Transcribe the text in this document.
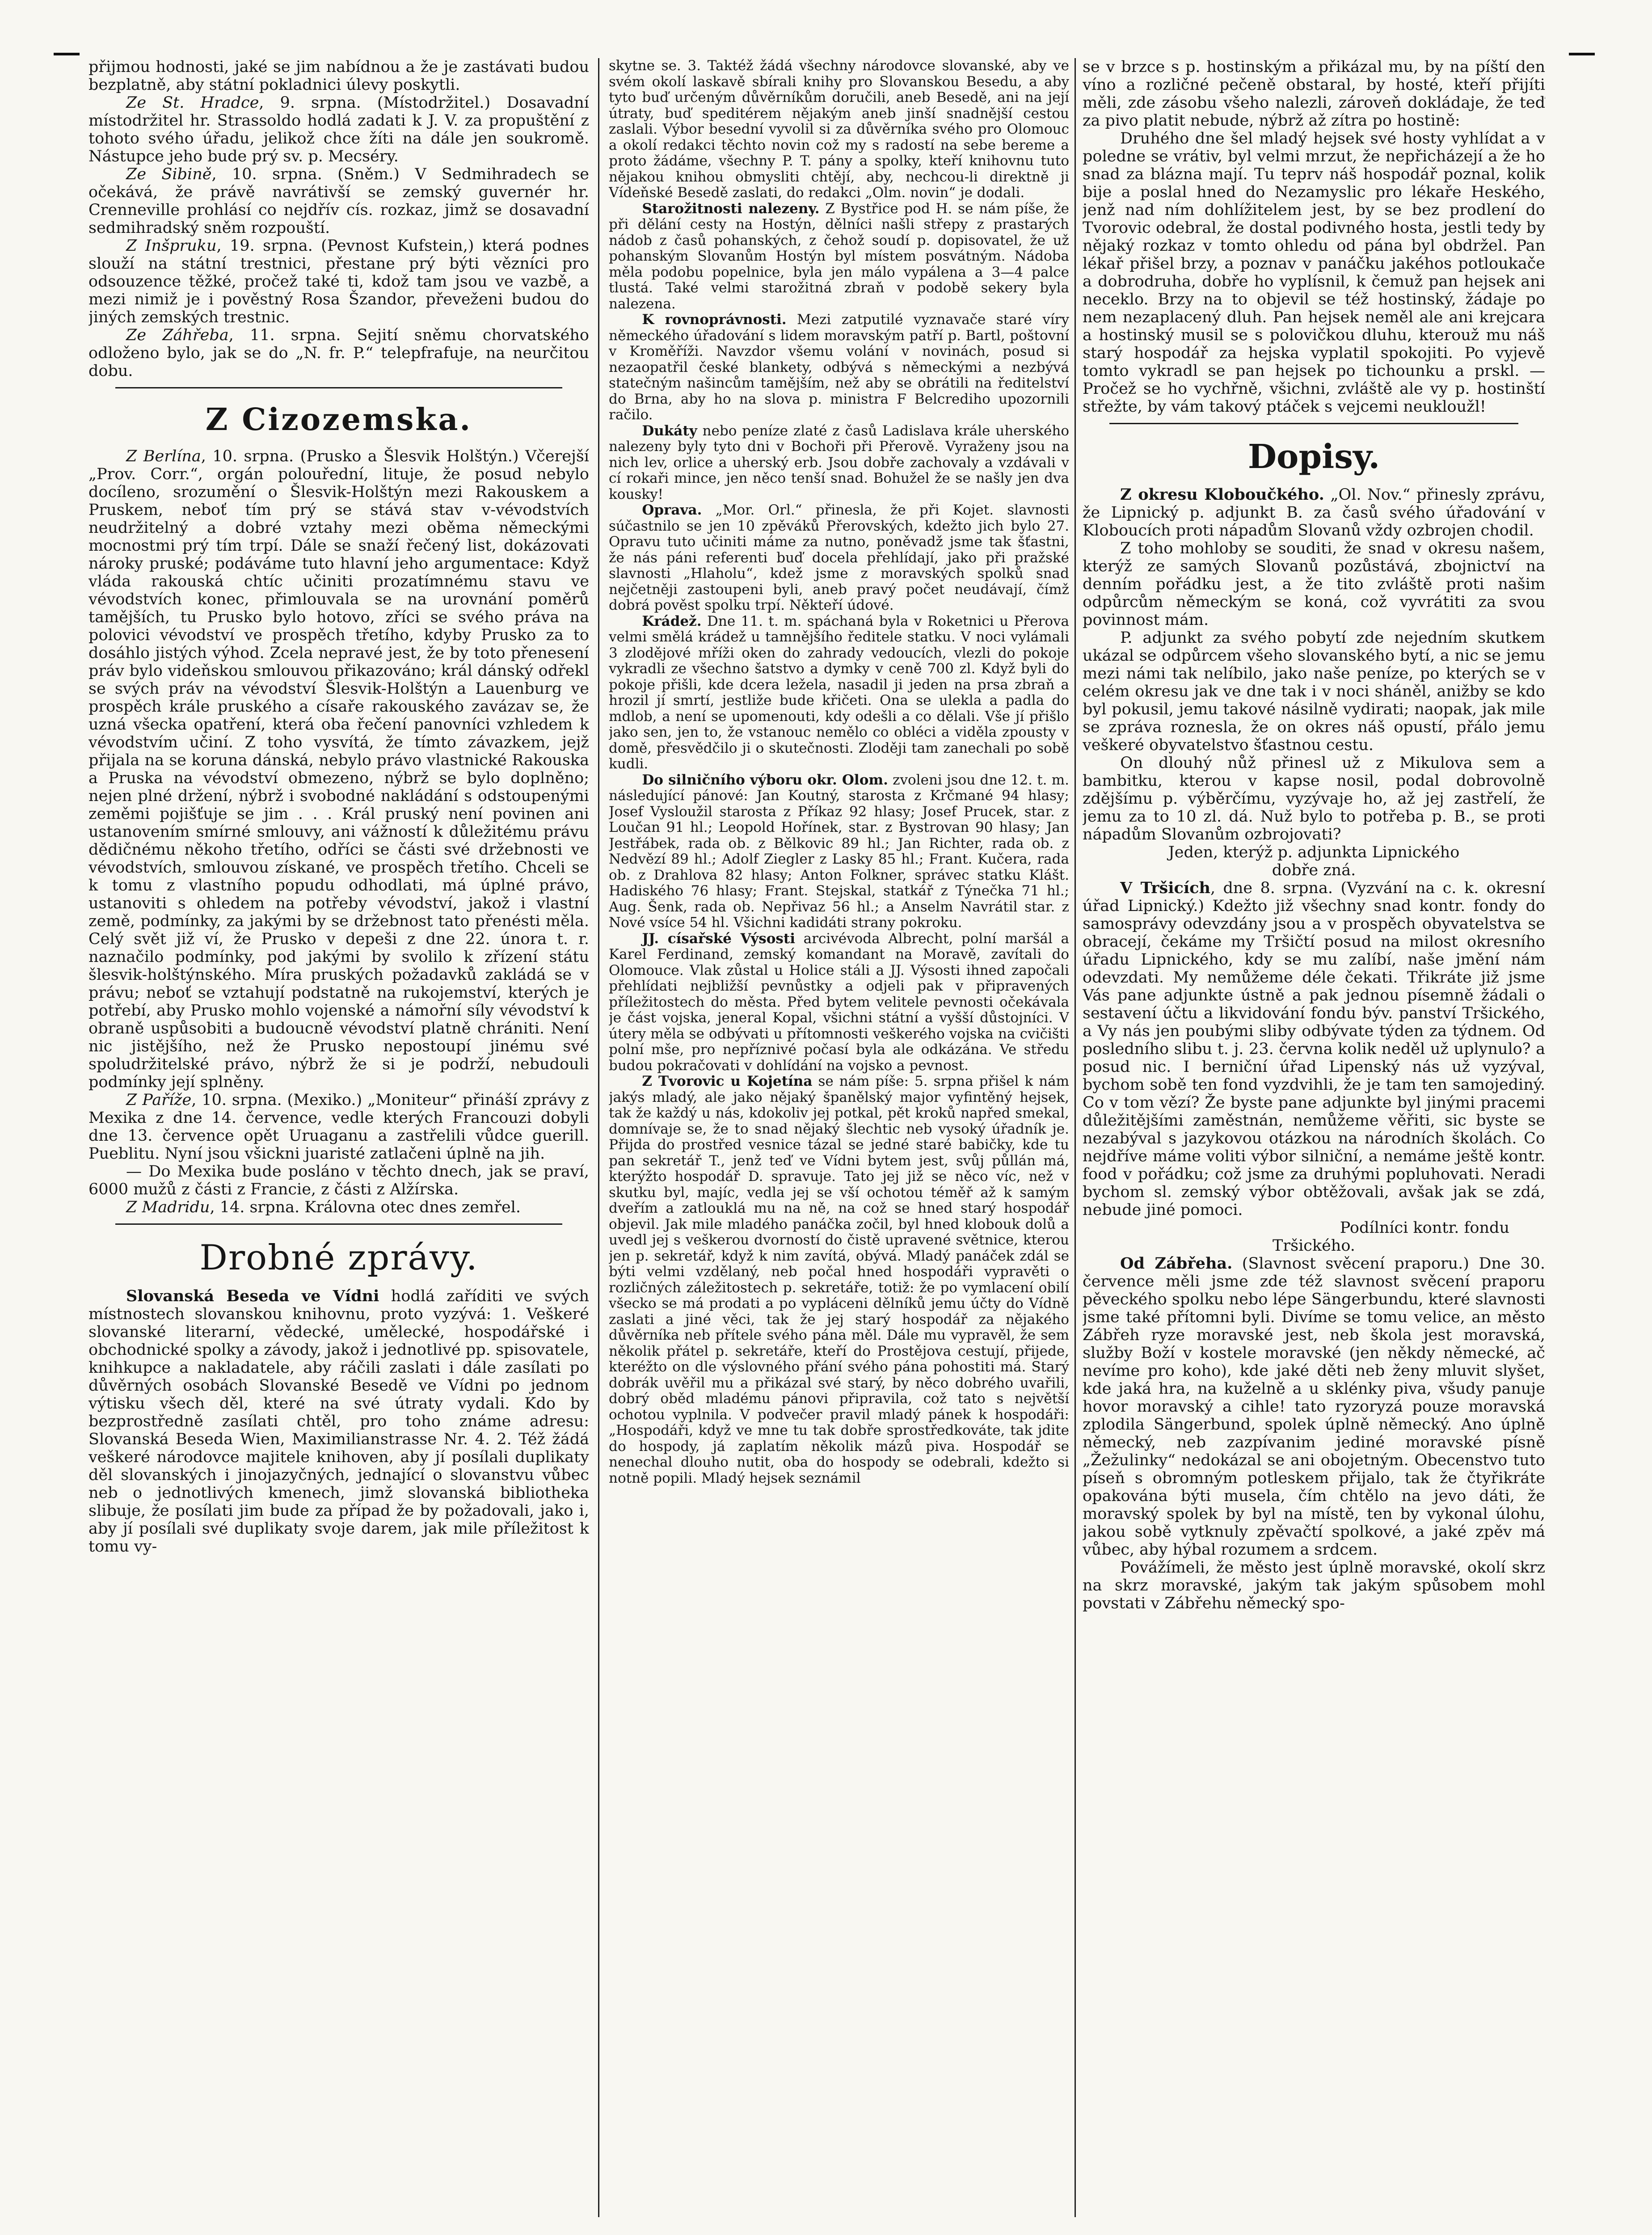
přijmou hodnosti, jaké se jim nabídnou a že je zastávati budou bezplatně, aby státní pokladnici úlevy poskytli.

Ze St. Hradce, 9. srpna. (Místodržitel.) Dosavadní místodržitel hr. Strassoldo hodlá zadati k J. V. za propuštění z tohoto svého úřadu, jelikož chce žíti na dále jen soukromě. Nástupce jeho bude prý sv. p. Mecséry.

Ze Sibině, 10. srpna. (Sněm.) V Sedmihradech se očekává, že právě navrátivší se zemský guvernér hr. Crenneville prohlásí co nejdřív cís. rozkaz, jimž se dosavadní sedmihradský sněm rozpouští.

Z Inšpruku, 19. srpna. (Pevnost Kufstein,) která podnes slouží na státní trestnici, přestane prý býti vězníci pro odsouzence těžké, pročež také ti, kdož tam jsou ve vazbě, a mezi nimiž je i pověstný Rosa Šzandor, převeženi budou do jiných zemských trestnic.

Ze Záhřeba, 11. srpna. Sejití sněmu chorvatského odloženo bylo, jak se do „N. fr. P.“ telepfrafuje, na neurčitou dobu.

Z Cizozemska.

Z Berlína, 10. srpna. (Prusko a Šlesvik Holštýn.) Včerejší „Prov. Corr.“, orgán polouřední, lituje, že posud nebylo docíleno, srozumění o Šlesvik-Holštýn mezi Rakouskem a Pruskem, neboť tím prý se stává stav v-vévodstvích neudržitelný a dobré vztahy mezi oběma německými mocnostmi prý tím trpí. Dále se snaží řečený list, dokázovati nároky pruské; podáváme tuto hlavní jeho argumentace: Když vláda rakouská chtíc učiniti prozatímnému stavu ve vévodstvích konec, přimlouvala se na urovnání poměrů tamějších, tu Prusko bylo hotovo, zříci se svého práva na polovici vévodství ve prospěch třetího, kdyby Prusko za to dosáhlo jistých výhod. Zcela nepravé jest, že by toto přenesení práv bylo videňskou smlouvou přikazováno; král dánský odřekl se svých práv na vévodství Šlesvik-Holštýn a Lauenburg ve prospěch krále pruského a císaře rakouského zavázav se, že uzná všecka opatření, která oba řečení panovníci vzhledem k vévodstvím učiní. Z toho vysvítá, že tímto závazkem, jejž přijala na se koruna dánská, nebylo právo vlastnické Rakouska a Pruska na vévodství obmezeno, nýbrž se bylo doplněno; nejen plné držení, nýbrž i svobodné nakládání s odstoupenými zeměmi pojišťuje se jim . . . Král pruský není povinen ani ustanovením smírné smlouvy, ani vážností k důležitému právu dědičnému někoho třetího, odříci se části své držebnosti ve vévodstvích, smlouvou získané, ve prospěch třetího. Chceli se k tomu z vlastního popudu odhodlati, má úplné právo, ustanoviti s ohledem na potřeby vévodství, jakož i vlastní země, podmínky, za jakými by se držebnost tato přenésti měla. Celý svět již ví, že Prusko v depeši z dne 22. února t. r. naznačilo podmínky, pod jakými by svolilo k zřízení státu šlesvik-holštýnského. Míra pruských požadavků zakládá se v právu; neboť se vztahují podstatně na rukojemství, kterých je potřebí, aby Prusko mohlo vojenské a námořní síly vévodství k obraně uspůsobiti a budoucně vévodství platně chrániti. Není nic jistějšího, než že Prusko nepostoupí jinému své spoludržitelské právo, nýbrž že si je podrží, nebudouli podmínky její splněny.

Z Paříže, 10. srpna. (Mexiko.) „Moniteur“ přináší zprávy z Mexika z dne 14. července, vedle kterých Francouzi dobyli dne 13. července opět Uruaganu a zastřelili vůdce guerill. Pueblitu. Nyní jsou všickni juaristé zatlačeni úplně na jih.

— Do Mexika bude posláno v těchto dnech, jak se praví, 6000 mužů z části z Francie, z části z Alžírska.

Z Madridu, 14. srpna. Královna otec dnes zemřel.

Drobné zprávy.

Slovanská Beseda ve Vídni hodlá zaříditi ve svých místnostech slovanskou knihovnu, proto vyzývá: 1. Veškeré slovanské literarní, vědecké, umělecké, hospodářské i obchodnické spolky a závody, jakož i jednotlivé pp. spisovatele, knihkupce a nakladatele, aby ráčili zaslati i dále zasílati po důvěrných osobách Slovanské Besedě ve Vídni po jednom výtisku všech děl, které na své útraty vydali. Kdo by bezprostředně zasílati chtěl, pro toho známe adresu: Slovanská Beseda Wien, Maximilianstrasse Nr. 4. 2. Též žádá veškeré národovce majitele knihoven, aby jí posílali duplikaty děl slovanských i jinojazyčných, jednající o slovanstvu vůbec neb o jednotlivých kmenech, jimž slovanská bibliotheka slibuje, že posílati jim bude za případ že by požadovali, jako i, aby jí posílali své duplikaty svoje darem, jak mile příležitost k tomu vy-

skytne se. 3. Taktéž žádá všechny národovce slovanské, aby ve svém okolí laskavě sbírali knihy pro Slovanskou Besedu, a aby tyto buď určeným důvěrníkům doručili, aneb Besedě, ani na její útraty, buď speditérem nějakým aneb jinší snadnější cestou zaslali. Výbor besední vyvolil si za důvěrníka svého pro Olomouc a okolí redakci těchto novin což my s radostí na sebe bereme a proto žádáme, všechny P. T. pány a spolky, kteří knihovnu tuto nějakou knihou obmysliti chtějí, aby, nechcou-li direktně ji Vídeňské Besedě zaslati, do redakci „Olm. novin“ je dodali.

Starožitnosti nalezeny. Z Bystřice pod H. se nám píše, že při dělání cesty na Hostýn, dělníci našli střepy z prastarých nádob z časů pohanských, z čehož soudí p. dopisovatel, že už pohanským Slovanům Hostýn byl místem posvátným. Nádoba měla podobu popelnice, byla jen málo vypálena a 3—4 palce tlustá. Také velmi starožitná zbraň v podobě sekery byla nalezena.

K rovnoprávnosti. Mezi zatputilé vyznavače staré víry německého úřadování s lidem moravským patří p. Bartl, poštovní v Kroměříži. Navzdor všemu volání v novinách, posud si nezaopatřil české blankety, odbývá s německými a nezbývá statečným našincům tamějším, než aby se obrátili na ředitelství do Brna, aby ho na slova p. ministra F Belcrediho upozornili račilo.

Dukáty nebo peníze zlaté z časů Ladislava krále uherského nalezeny byly tyto dni v Bochoři při Přerově. Vyraženy jsou na nich lev, orlice a uherský erb. Jsou dobře zachovaly a vzdávali v cí rokaři mince, jen něco tenší snad. Bohužel že se našly jen dva kousky!

Oprava. „Mor. Orl.“ přinesla, že při Kojet. slavnosti súčastnilo se jen 10 zpěváků Přerovských, kdežto jich bylo 27. Opravu tuto učiniti máme za nutno, poněvadž jsme tak šťastni, že nás páni referenti buď docela přehlídají, jako při pražské slavnosti „Hlaholu“, kdež jsme z moravských spolků snad nejčetněji zastoupeni byli, aneb pravý počet neudávají, čímž dobrá pověst spolku trpí. Někteří údové.

Krádež. Dne 11. t. m. spáchaná byla v Roketnici u Přerova velmi smělá krádež u tamnějšího ředitele statku. V noci vylámali 3 zlodějové mříži oken do zahrady vedoucích, vlezli do pokoje vykradli ze všechno šatstvo a dymky v ceně 700 zl. Když byli do pokoje přišli, kde dcera ležela, nasadil ji jeden na prsa zbraň a hrozil jí smrtí, jestliže bude křičeti. Ona se ulekla a padla do mdlob, a není se upomenouti, kdy odešli a co dělali. Vše jí přišlo jako sen, jen to, že vstanouc nemělo co obléci a viděla zpousty v domě, přesvědčilo ji o skutečnosti. Zloději tam zanechali po sobě kudli.

Do silničního výboru okr. Olom. zvoleni jsou dne 12. t. m. následující pánové: Jan Koutný, starosta z Krčmané 94 hlasy; Josef Vysloužil starosta z Příkaz 92 hlasy; Josef Prucek, star. z Loučan 91 hl.; Leopold Hořínek, star. z Bystrovan 90 hlasy; Jan Jestřábek, rada ob. z Bělkovic 89 hl.; Jan Richter, rada ob. z Nedvězí 89 hl.; Adolf Ziegler z Lasky 85 hl.; Frant. Kučera, rada ob. z Drahlova 82 hlasy; Anton Folkner, správec statku Klášt. Hadiského 76 hlasy; Frant. Stejskal, statkář z Týnečka 71 hl.; Aug. Šenk, rada ob. Nepřivaz 56 hl.; a Anselm Navrátil star. z Nové vsíce 54 hl. Všichni kadidáti strany pokroku.

JJ. císařské Výsosti arcivévoda Albrecht, polní maršál a Karel Ferdinand, zemský komandant na Moravě, zavítali do Olomouce. Vlak zůstal u Holice stáli a JJ. Výsosti ihned započali přehlídati nejbližší pevnůstky a odjeli pak v připravených příležitostech do města. Před bytem velitele pevnosti očekávala je část vojska, jeneral Kopal, všichni státní a vyšší důstojníci. V útery měla se odbývati u přítomnosti veškerého vojska na cvičišti polní mše, pro nepříznivé počasí byla ale odkázána. Ve středu budou pokračovati v dohlídání na vojsko a pevnost.

Z Tvorovic u Kojetína se nám píše: 5. srpna přišel k nám jakýs mladý, ale jako nějaký španělský major vyfintěný hejsek, tak že každý u nás, kdokoliv jej potkal, pět kroků napřed smekal, domnívaje se, že to snad nějaký šlechtic neb vysoký úřadník je. Přijda do prostřed vesnice tázal se jedné staré babičky, kde tu pan sekretář T., jenž teď ve Vídni bytem jest, svůj půllán má, kterýžto hospodář D. spravuje. Tato jej již se něco víc, než v skutku byl, majíc, vedla jej se vší ochotou téměř až k samým dveřím a zatlouklá mu na ně, na což se hned starý hospodář objevil. Jak mile mladého panáčka zočil, byl hned klobouk dolů a uvedl jej s veškerou dvorností do čistě upravené světnice, kterou jen p. sekretář, když k nim zavítá, obývá. Mladý panáček zdál se býti velmi vzdělaný, neb počal hned hospodáři vypravěti o rozličných záležitostech p. sekretáře, totiž: že po vymlacení obilí všecko se má prodati a po vypláceni dělníků jemu účty do Vídně zaslati a jiné věci, tak že jej starý hospodář za nějakého důvěrníka neb přítele svého pána měl. Dále mu vypravěl, že sem několik přátel p. sekretáře, kteří do Prostějova cestují, přijede, kteréžto on dle výslovného přání svého pána pohostiti má. Starý dobrák uvěřil mu a přikázal své starý, by něco dobrého uvařili, dobrý oběd mladému pánovi připravila, což tato s největší ochotou vyplnila. V podvečer pravil mladý pánek k hospodáři: „Hospodáři, když ve mne tu tak dobře sprostředkováte, tak jdite do hospody, já zaplatím několik mázů piva. Hospodář se nenechal dlouho nutit, oba do hospody se odebrali, kdežto si notně popili. Mladý hejsek seznámil

se v brzce s p. hostinským a přikázal mu, by na píští den víno a rozličné pečeně obstaral, by hosté, kteří přijíti měli, zde zásobu všeho nalezli, zároveň dokládaje, že teď za pivo platit nebude, nýbrž až zítra po hostině:

Druhého dne šel mladý hejsek své hosty vyhlídat a v poledne se vrátiv, byl velmi mrzut, že nepřicházejí a že ho snad za blázna mají. Tu teprv náš hospodář poznal, kolik bije a poslal hned do Nezamyslic pro lékaře Heského, jenž nad ním dohlížitelem jest, by se bez prodlení do Tvorovic odebral, že dostal podivného hosta, jestli tedy by nějaký rozkaz v tomto ohledu od pána byl obdržel. Pan lékař přišel brzy, a poznav v panáčku jakéhos potloukače a dobrodruha, dobře ho vyplísnil, k čemuž pan hejsek ani neceklo. Brzy na to objevil se též hostinský, žádaje po nem nezaplacený dluh. Pan hejsek neměl ale ani krejcara a hostinský musil se s polovičkou dluhu, kterouž mu náš starý hospodář za hejska vyplatil spokojiti. Po vyjevě tomto vykradl se pan hejsek po tichounku a prskl. — Pročež se ho vychřně, všichni, zvláště ale vy p. hostinští střežte, by vám takový ptáček s vejcemi neukloužl!

Dopisy.

Z okresu Kloboučkého. „Ol. Nov.“ přinesly zprávu, že Lipnický p. adjunkt B. za časů svého úřadování v Kloboucích proti nápadům Slovanů vždy ozbrojen chodil.

Z toho mohloby se souditi, že snad v okresu našem, kterýž ze samých Slovanů pozůstává, zbojnictví na denním pořádku jest, a že tito zvláště proti našim odpůrcům německým se koná, což vyvrátiti za svou povinnost mám.

P. adjunkt za svého pobytí zde nejedním skutkem ukázal se odpůrcem všeho slovanského bytí, a nic se jemu mezi námi tak nelíbilo, jako naše peníze, po kterých se v celém okresu jak ve dne tak i v noci sháněl, anižby se kdo byl pokusil, jemu takové násilně vydirati; naopak, jak mile se zpráva roznesla, že on okres náš opustí, přálo jemu veškeré obyvatelstvo šťastnou cestu.

On dlouhý nůž přinesl už z Mikulova sem a bambitku, kterou v kapse nosil, podal dobrovolně zdějšímu p. výběrčímu, vyzývaje ho, až jej zastřelí, že jemu za to 10 zl. dá. Nuž bylo to potřeba p. B., se proti nápadům Slovanům ozbrojovati?

Jeden, kterýž p. adjunkta Lipnického

dobře zná.

V Tršicích, dne 8. srpna. (Vyzvání na c. k. okresní úřad Lipnický.) Kdežto již všechny snad kontr. fondy do samosprávy odevzdány jsou a v prospěch obyvatelstva se obracejí, čekáme my Tršičtí posud na milost okresního úřadu Lipnického, kdy se mu zalíbí, naše jmění nám odevzdati. My nemůžeme déle čekati. Třikráte již jsme Vás pane adjunkte ústně a pak jednou písemně žádali o sestavení účtu a likvidování fondu býv. panství Tršického, a Vy nás jen poubými sliby odbývate týden za týdnem. Od posledního slibu t. j. 23. června kolik neděl už uplynulo? a posud nic. I berniční úřad Lipenský nás už vyzýval, bychom sobě ten fond vyzdvihli, že je tam ten samojediný. Co v tom vězí? Že byste pane adjunkte byl jinými pracemi důležitějšími zaměstnán, nemůžeme věřiti, sic byste se nezabýval s jazykovou otázkou na národních školách. Co nejdříve máme voliti výbor silniční, a nemáme ještě kontr. food v pořádku; což jsme za druhými popluhovati. Neradi bychom sl. zemský výbor obtěžovali, avšak jak se zdá, nebude jiné pomoci.

Podílníci kontr. fondu

Tršického.

Od Zábřeha. (Slavnost svěcení praporu.) Dne 30. července měli jsme zde též slavnost svěcení praporu pěveckého spolku nebo lépe Sängerbundu, které slavnosti jsme také přítomni byli. Divíme se tomu velice, an město Zábřeh ryze moravské jest, neb škola jest moravská, služby Boží v kostele moravské (jen někdy německé, ač nevíme pro koho), kde jaké děti neb ženy mluvit slyšet, kde jaká hra, na kuželně a u sklénky piva, všudy panuje hovor moravský a cihle! tato ryzoryzá pouze moravská zplodila Sängerbund, spolek úplně německý. Ano úplně německý, neb zazpívanim jediné moravské písně „Žežulinky“ nedokázal se ani obojetným. Obecenstvo tuto píseň s obromným potleskem přijalo, tak že čtyřikráte opakována býti musela, čím chtělo na jevo dáti, že moravský spolek by byl na místě, ten by vykonal úlohu, jakou sobě vytknuly zpěvačtí spolkové, a jaké zpěv má vůbec, aby hýbal rozumem a srdcem.

Povážímeli, že město jest úplně moravské, okolí skrz na skrz moravské, jakým tak jakým spůsobem mohl povstati v Zábřehu německý spo-
